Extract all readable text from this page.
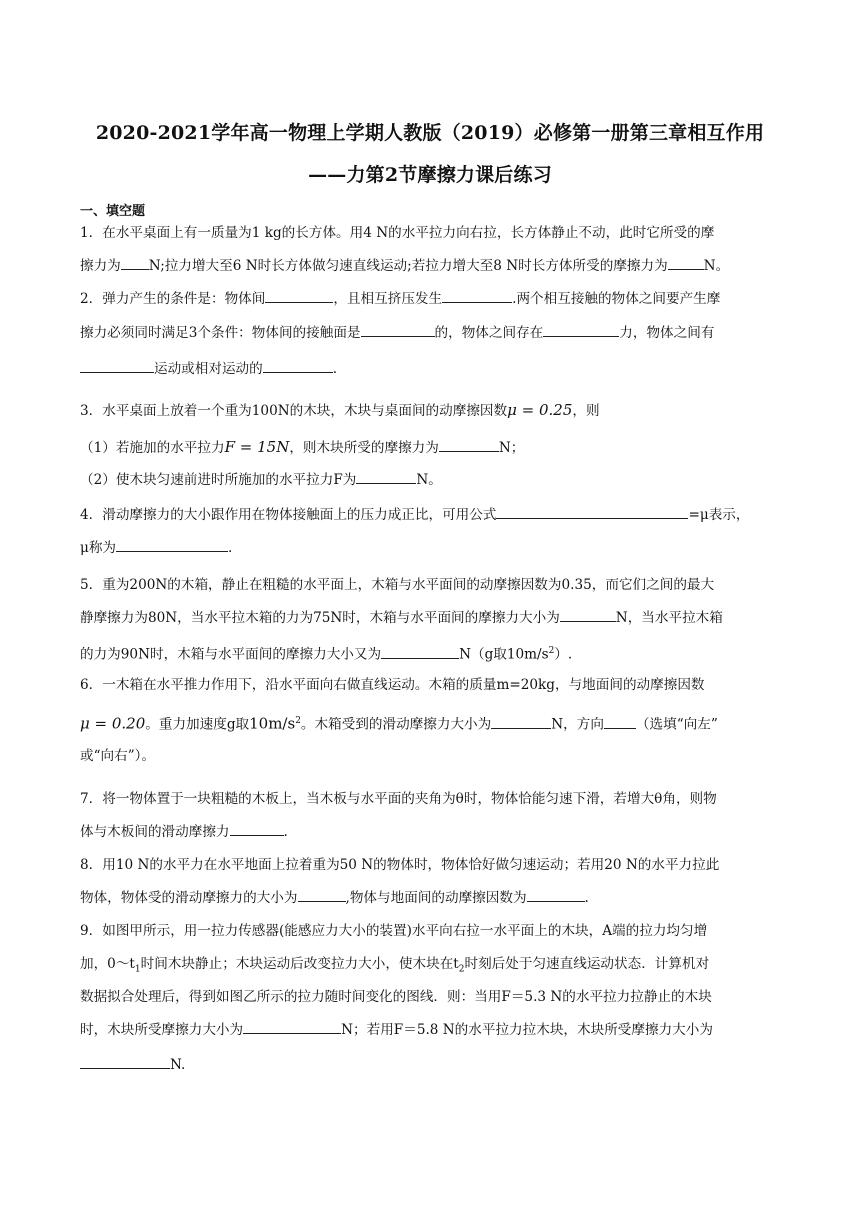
2020-2021学年高一物理上学期人教版（2019）必修第一册第三章相互作用
——力第2节摩擦力课后练习
一、填空题
1．在水平桌面上有一质量为1 kg的长方体。用4 N的水平拉力向右拉，长方体静止不动，此时它所受的摩
擦力为 N;拉力增大至6 N时长方体做匀速直线运动;若拉力增大至8 N时长方体所受的摩擦力为	N。
2．弹力产生的条件是：物体间	，且相互挤压发生	.两个相互接触的物体之间要产生摩
擦力必须同时满足3个条件：物体间的接触面是	的，物体之间存在	力，物体之间有
运动或相对运动的	.
3．水平桌面上放着一个重为100N的木块，木块与桌面间的动摩擦因数μ = 0.25，则
（1）若施加的水平拉力F = 15N，则木块所受的摩擦力为	N；
（2）使木块匀速前进时所施加的水平拉力F为	N。
4．滑动摩擦力的大小跟作用在物体接触面上的压力成正比，可用公式	=μ表示，
μ称为	.
5．重为200N的木箱，静止在粗糙的水平面上，木箱与水平面间的动摩擦因数为0.35，而它们之间的最大
静摩擦力为80N，当水平拉木箱的力为75N时，木箱与水平面间的摩擦力大小为	N，当水平拉木箱
的力为90N时，木箱与水平面间的摩擦力大小又为	N（g取$10m/s^2$）.
6．一木箱在水平推力作用下，沿水平面向右做直线运动。木箱的质量m=20kg，与地面间的动摩擦因数
μ = 0.20。重力加速度g取$10m/s^2$。木箱受到的滑动摩擦力大小为	N，方向 （选填“向左”
或“向右”）。
7．将一物体置于一块粗糙的木板上，当木板与水平面的夹角为θ时，物体恰能匀速下滑，若增大θ角，则物
体与木板间的滑动摩擦力	.
8．用10 N的水平力在水平地面上拉着重为50 N的物体时，物体恰好做匀速运动；若用20 N的水平力拉此
物体，物体受的滑动摩擦力的大小为	,物体与地面间的动摩擦因数为	.
9．如图甲所示，用一拉力传感器(能感应力大小的装置)水平向右拉一水平面上的木块，A端的拉力均匀增
加，$0\sim t_1$时间木块静止；木块运动后改变拉力大小，使木块在$t_2$时刻后处于匀速直线运动状态．计算机对
数据拟合处理后，得到如图乙所示的拉力随时间变化的图线．则：当用F＝5.3 N的水平拉力拉静止的木块
时，木块所受摩擦力大小为	N；若用F＝5.8 N的水平拉力拉木块，木块所受摩擦力大小为
N.
